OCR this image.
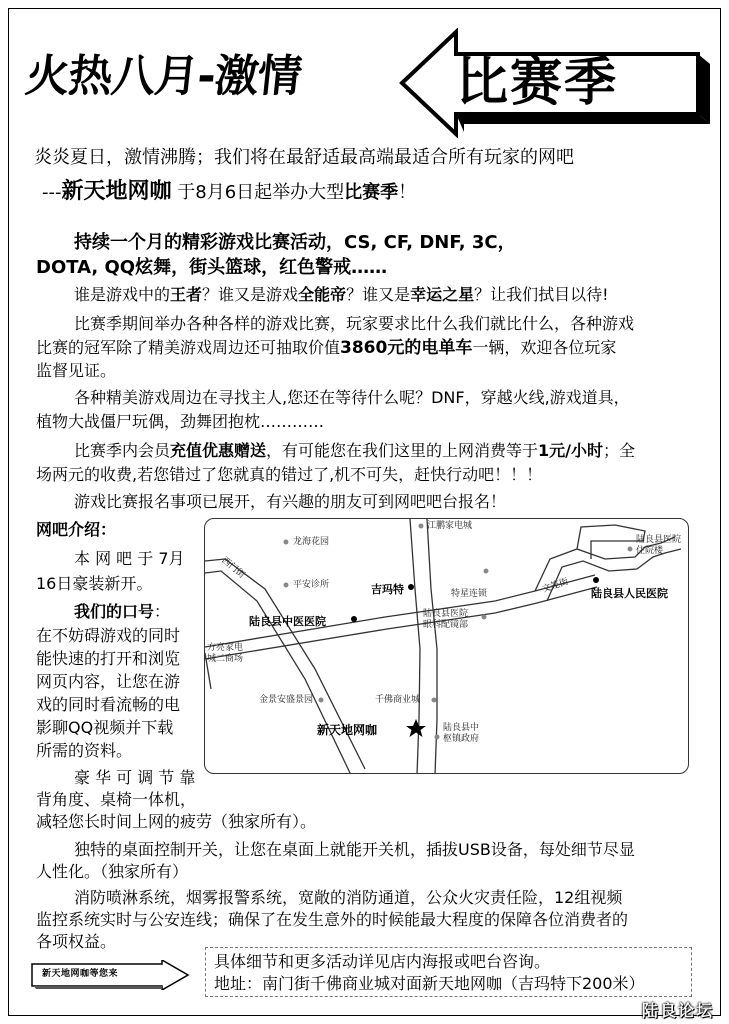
火热八月-激情	比赛季
炎炎夏日，激情沸腾；我们将在最舒适最高端最适合所有玩家的网吧
---新天地网咖 于8月6日起举办大型比赛季！
持续一个月的精彩游戏比赛活动，CS, CF, DNF, 3C，
DOTA, QQ炫舞，街头篮球，红色警戒……
谁是游戏中的王者？谁又是游戏全能帝？谁又是幸运之星？让我们拭目以待!
比赛季期间举办各种各样的游戏比赛，玩家要求比什么我们就比什么，各种游戏
比赛的冠军除了精美游戏周边还可抽取价值3860元的电单车一辆，欢迎各位玩家
监督见证。
各种精美游戏周边在寻找主人,您还在等待什么呢？DNF，穿越火线,游戏道具，
植物大战僵尸玩偶，劲舞团抱枕…………
比赛季内会员充值优惠赠送，有可能您在我们这里的上网消费等于1元/小时；全
场两元的收费,若您错过了您就真的错过了,机不可失，赶快行动吧！！！
游戏比赛报名事项已展开，有兴趣的朋友可到网吧吧台报名！
网吧介绍：
本 网 吧 于 7月
16日豪装新开。
我们的口号：
在不妨碍游戏的同时
能快速的打开和浏览
网页内容，让您在游
戏的同时看流畅的电
影聊QQ视频并下载
所需的资料。
豪 华 可 调 节 靠
背角度、桌椅一体机，
减轻您长时间上网的疲劳（独家所有）。
龙海花园
江鹏家电城
陆良县医院
住院楼
平安诊所	吉玛特	特星连锁	文笼街 陆良县人民医院
陆良县中医医院
陆良县医院
眼科配镜部
西门街
方亮家电
城二商场
金景安盛景园	千佛商业城
新天地网咖	陆良县中
枢镇政府
独特的桌面控制开关，让您在桌面上就能开关机，插拔USB设备，每处细节尽显
人性化。（独家所有）
消防喷淋系统，烟雾报警系统，宽敞的消防通道，公众火灾责任险，12组视频
监控系统实时与公安连线；确保了在发生意外的时候能最大程度的保障各位消费者的
各项权益。
新天地网咖等您来
具体细节和更多活动详见店内海报或吧台咨询。
地址：南门街千佛商业城对面新天地网咖（吉玛特下200米）
陆良论坛
